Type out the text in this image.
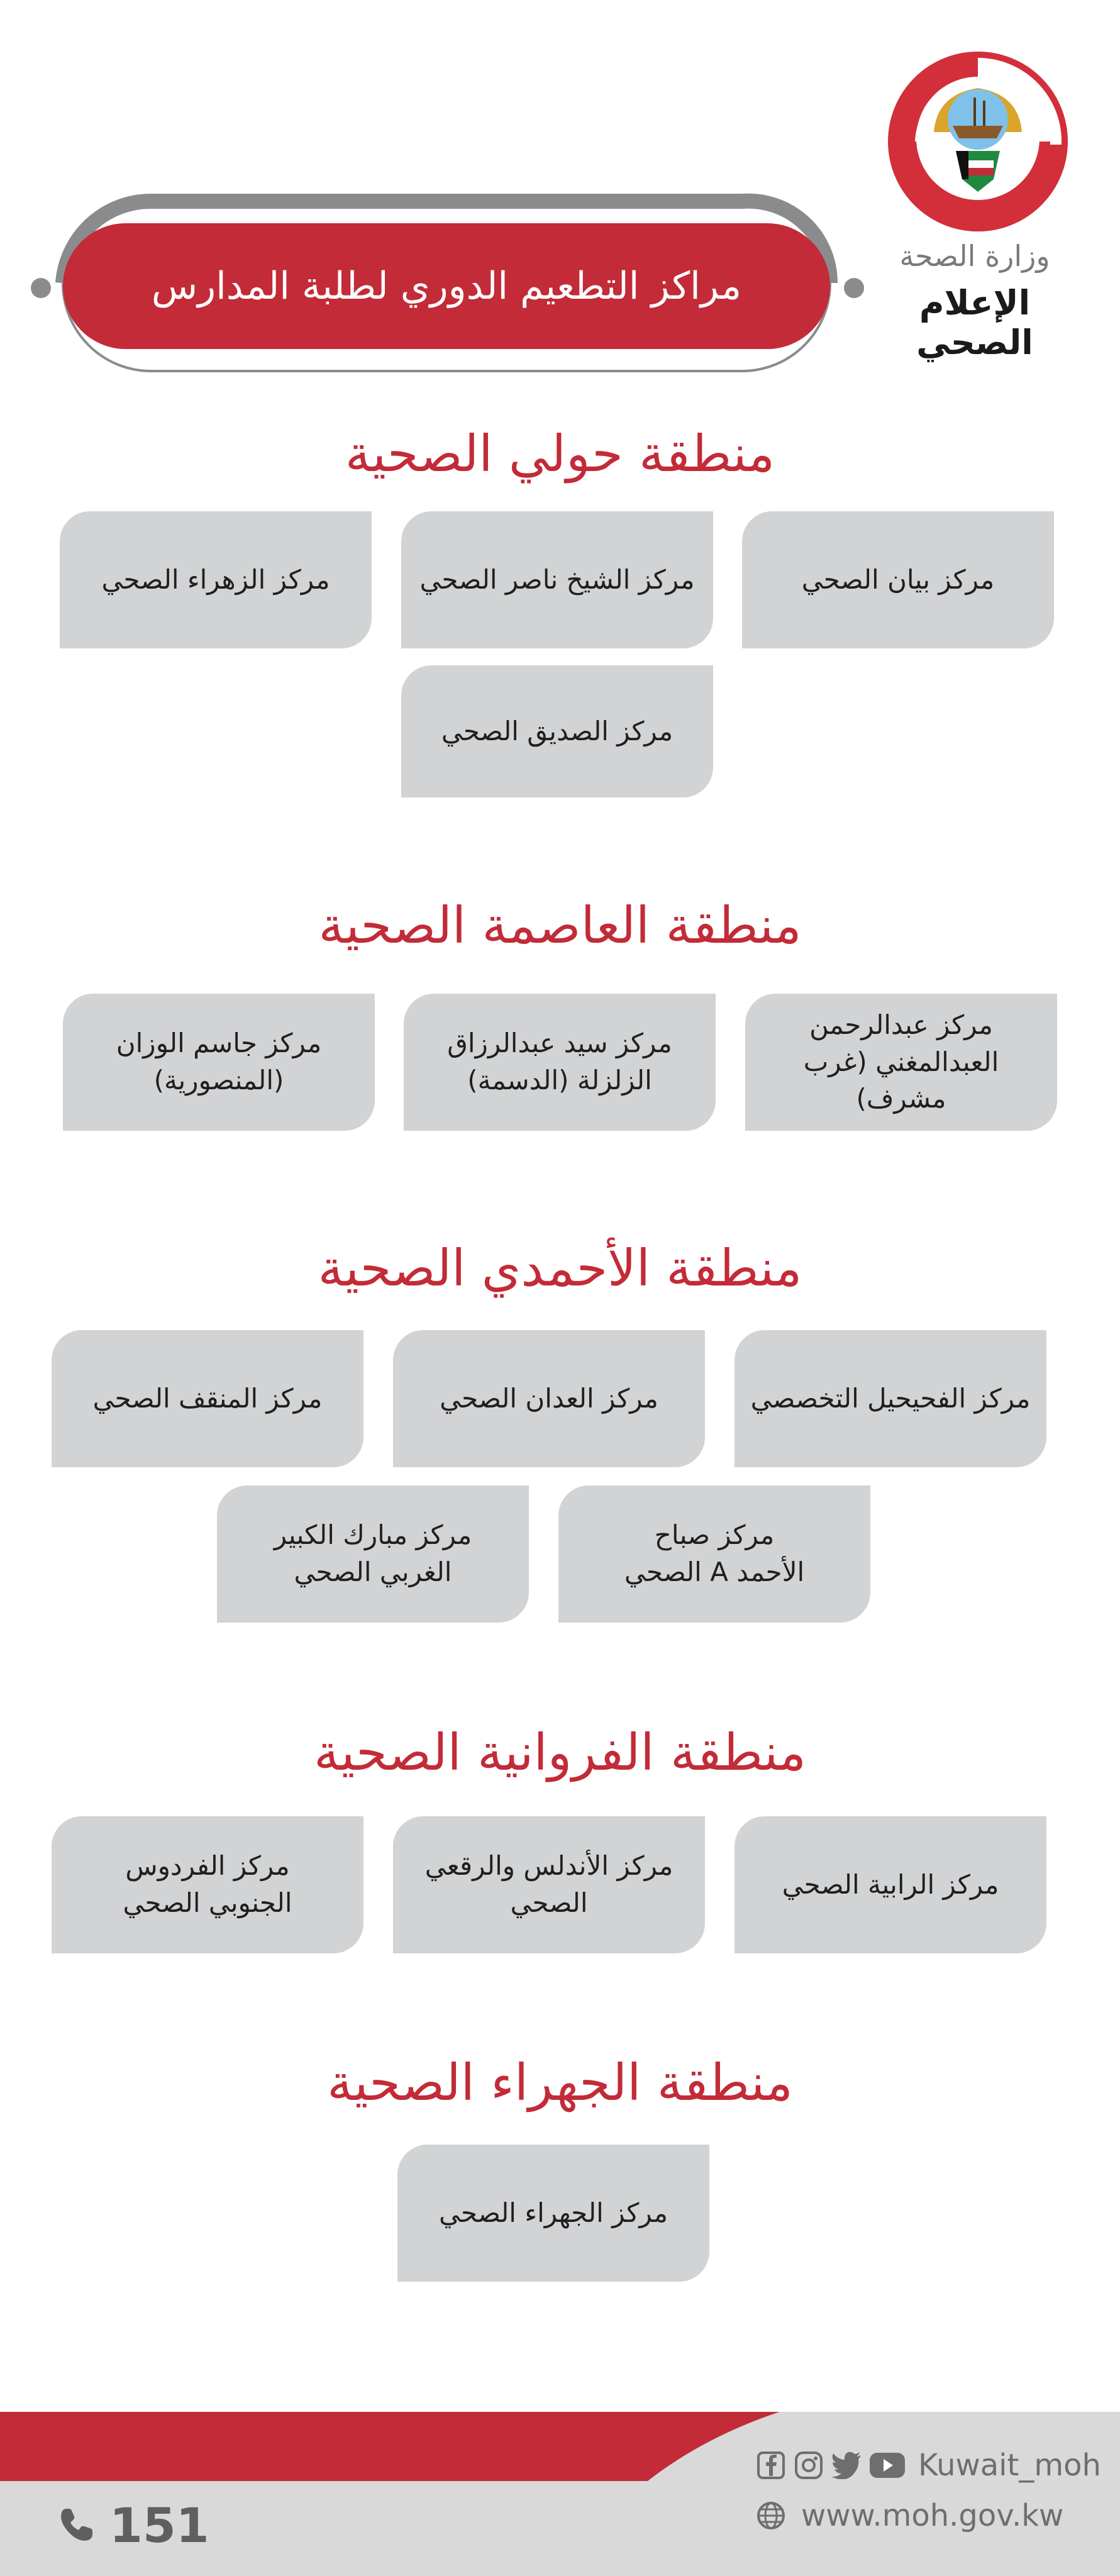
وزارة الصحة
الإعلام الصحي
مراكز التطعيم الدوري لطلبة المدارس
منطقة حولي الصحية
مركز بيان الصحي
مركز الشيخ ناصر الصحي
مركز الزهراء الصحي
مركز الصديق الصحي
منطقة العاصمة الصحية
مركز عبدالرحمن
العبدالمغني (غرب مشرف)
مركز سيد عبدالرزاق
الزلزلة (الدسمة)
مركز جاسم الوزان
(المنصورية)
منطقة الأحمدي الصحية
مركز الفحيحيل التخصصي
مركز العدان الصحي
مركز المنقف الصحي
مركز صباح
الأحمد A الصحي
مركز مبارك الكبير
الغربي الصحي
منطقة الفروانية الصحية
مركز الرابية الصحي
مركز الأندلس والرقعي
الصحي
مركز الفردوس
الجنوبي الصحي
منطقة الجهراء الصحية
مركز الجهراء الصحي
Kuwait_moh
www.moh.gov.kw
151
